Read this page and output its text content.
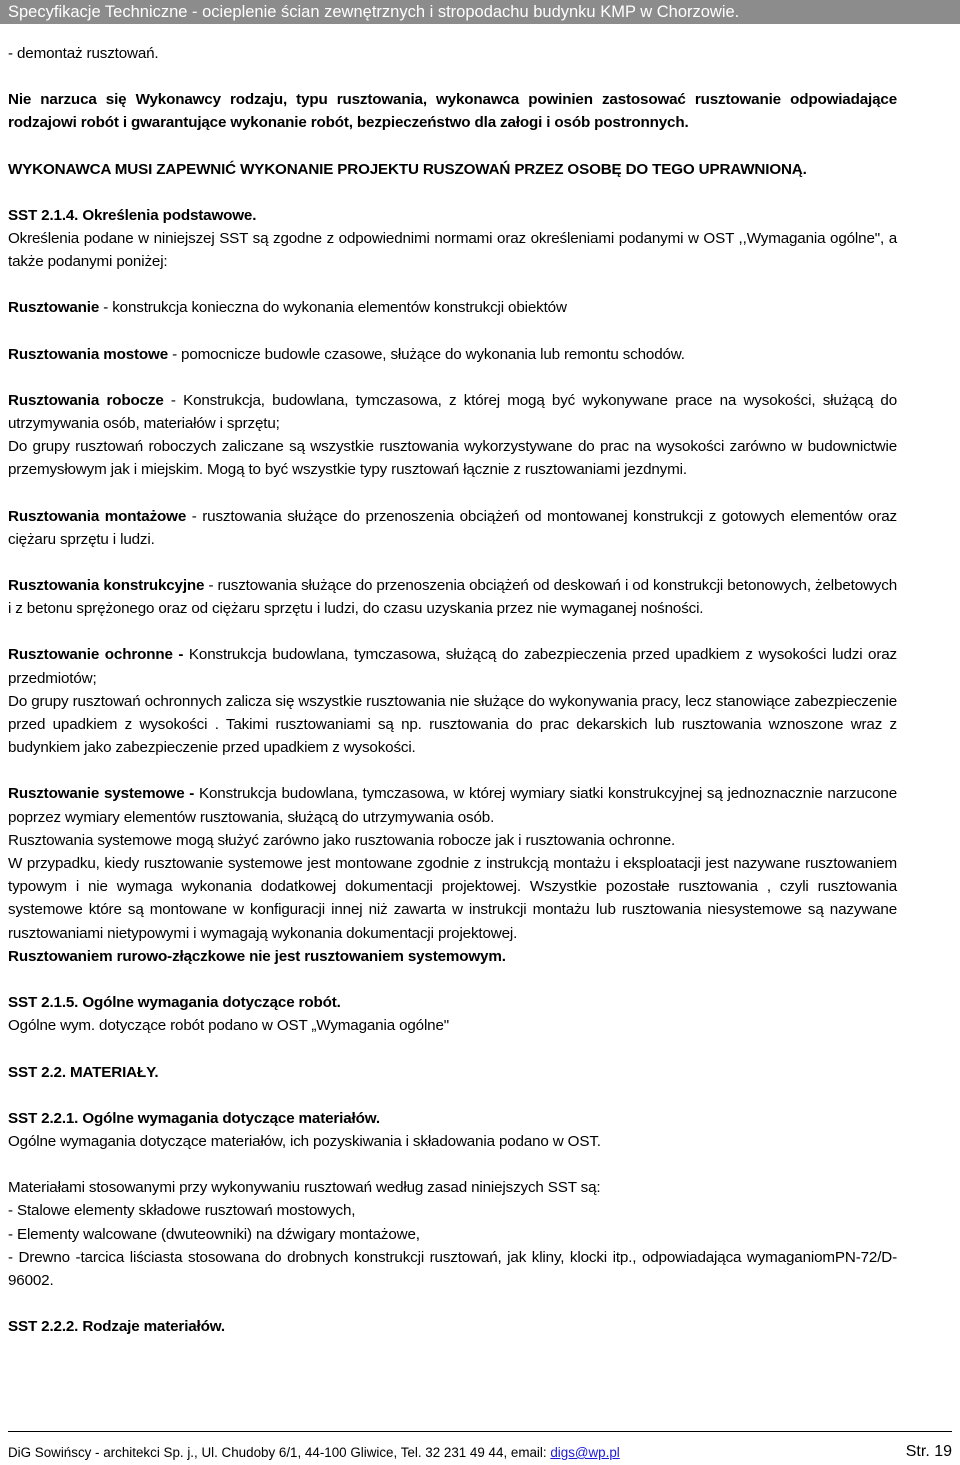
Specyfikacje Techniczne - ocieplenie ścian zewnętrznych i stropodachu budynku KMP w Chorzowie.

- demontaż rusztowań.

Nie narzuca się Wykonawcy rodzaju, typu rusztowania, wykonawca powinien zastosować rusztowanie odpowiadające rodzajowi robót i gwarantujące wykonanie robót, bezpieczeństwo dla załogi i osób postronnych.

WYKONAWCA MUSI ZAPEWNIĆ WYKONANIE PROJEKTU RUSZOWAŃ PRZEZ OSOBĘ DO TEGO UPRAWNIONĄ.

SST 2.1.4. Określenia podstawowe.

Określenia podane w niniejszej SST są zgodne z odpowiednimi normami oraz określeniami podanymi w OST ,,Wymagania ogólne", a także podanymi poniżej:

Rusztowanie - konstrukcja konieczna do wykonania elementów konstrukcji obiektów

Rusztowania mostowe - pomocnicze budowle czasowe, służące do wykonania lub remontu schodów.

Rusztowania robocze - Konstrukcja, budowlana, tymczasowa, z której mogą być wykonywane prace na wysokości, służącą do utrzymywania osób, materiałów i sprzętu;

Do grupy rusztowań roboczych zaliczane są wszystkie rusztowania wykorzystywane do prac na wysokości zarówno w budownictwie przemysłowym jak i miejskim. Mogą to być wszystkie typy rusztowań łącznie z rusztowaniami jezdnymi.

Rusztowania montażowe - rusztowania służące do przenoszenia obciążeń od montowanej konstrukcji z gotowych elementów oraz ciężaru sprzętu i ludzi.

Rusztowania konstrukcyjne - rusztowania służące do przenoszenia obciążeń od deskowań i od konstrukcji betonowych, żelbetowych i z betonu sprężonego oraz od ciężaru sprzętu i ludzi, do czasu uzyskania przez nie wymaganej nośności.

Rusztowanie ochronne - Konstrukcja budowlana, tymczasowa, służącą do zabezpieczenia przed upadkiem z wysokości ludzi oraz przedmiotów;

Do grupy rusztowań ochronnych zalicza się wszystkie rusztowania nie służące do wykonywania pracy, lecz stanowiące zabezpieczenie przed upadkiem z wysokości . Takimi rusztowaniami są np. rusztowania do prac dekarskich lub rusztowania wznoszone wraz z budynkiem jako zabezpieczenie przed upadkiem z wysokości.

Rusztowanie systemowe - Konstrukcja budowlana, tymczasowa, w której wymiary siatki konstrukcyjnej są jednoznacznie narzucone poprzez wymiary elementów rusztowania, służącą do utrzymywania osób.

Rusztowania systemowe mogą służyć zarówno jako rusztowania robocze jak i rusztowania ochronne.

W przypadku, kiedy rusztowanie systemowe jest montowane zgodnie z instrukcją montażu i eksploatacji jest nazywane rusztowaniem typowym i nie wymaga wykonania dodatkowej dokumentacji projektowej. Wszystkie pozostałe rusztowania , czyli rusztowania systemowe które są montowane w konfiguracji innej niż zawarta w instrukcji montażu lub rusztowania niesystemowe są nazywane rusztowaniami nietypowymi i wymagają wykonania dokumentacji projektowej.

Rusztowaniem rurowo-złączkowe nie jest rusztowaniem systemowym.

SST 2.1.5. Ogólne wymagania dotyczące robót.

Ogólne wym. dotyczące robót podano w OST „Wymagania ogólne"

SST 2.2. MATERIAŁY.

SST 2.2.1. Ogólne wymagania dotyczące materiałów.

Ogólne wymagania dotyczące materiałów, ich pozyskiwania i składowania podano w OST.

Materiałami stosowanymi przy wykonywaniu rusztowań według zasad niniejszych SST są:

- Stalowe elementy składowe rusztowań mostowych,

- Elementy walcowane (dwuteowniki) na dźwigary montażowe,

- Drewno -tarcica liściasta stosowana do drobnych konstrukcji rusztowań, jak kliny, klocki itp., odpowiadająca wymaganiomPN-72/D-96002.

SST 2.2.2. Rodzaje materiałów.

DiG Sowińscy - architekci Sp. j., Ul. Chudoby 6/1, 44-100 Gliwice, Tel. 32 231 49 44, email: digs@wp.pl	Str. 19
